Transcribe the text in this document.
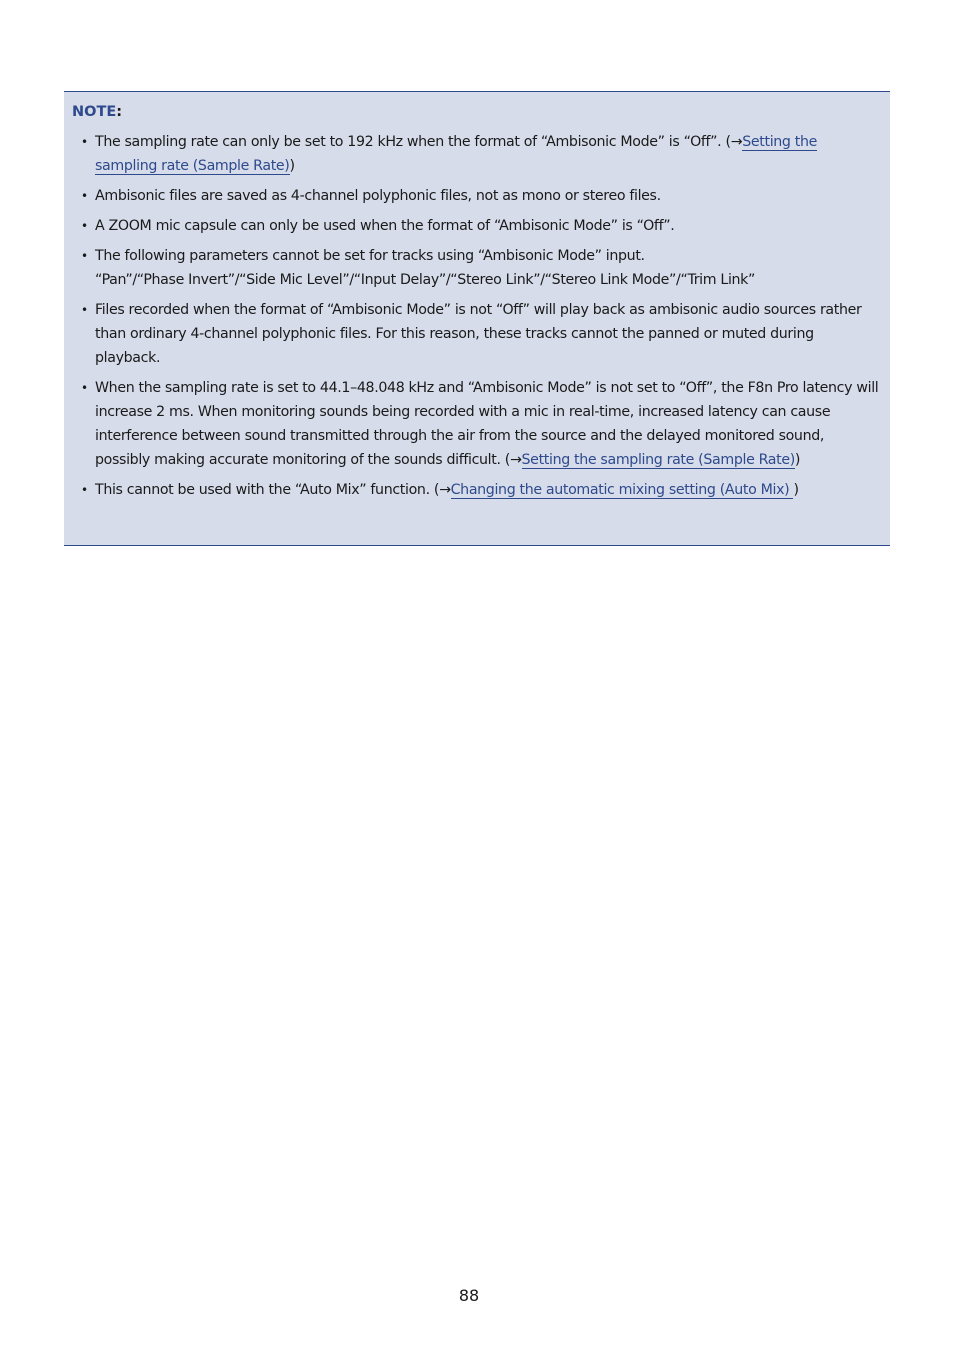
NOTE:
• The sampling rate can only be set to 192 kHz when the format of “Ambisonic Mode” is “Off”. (→Setting the sampling rate (Sample Rate))
• Ambisonic files are saved as 4-channel polyphonic files, not as mono or stereo files.
• A ZOOM mic capsule can only be used when the format of “Ambisonic Mode” is “Off”.
• The following parameters cannot be set for tracks using “Ambisonic Mode” input.
“Pan”/“Phase Invert”/“Side Mic Level”/“Input Delay”/“Stereo Link”/“Stereo Link Mode”/“Trim Link”
• Files recorded when the format of “Ambisonic Mode” is not “Off” will play back as ambisonic audio sources rather than ordinary 4-channel polyphonic files. For this reason, these tracks cannot the panned or muted during playback.
• When the sampling rate is set to 44.1–48.048 kHz and “Ambisonic Mode” is not set to “Off”, the F8n Pro latency will increase 2 ms. When monitoring sounds being recorded with a mic in real-time, increased latency can cause interference between sound transmitted through the air from the source and the delayed monitored sound, possibly making accurate monitoring of the sounds difficult. (→Setting the sampling rate (Sample Rate))
• This cannot be used with the “Auto Mix” function. (→Changing the automatic mixing setting (Auto Mix) )
88
